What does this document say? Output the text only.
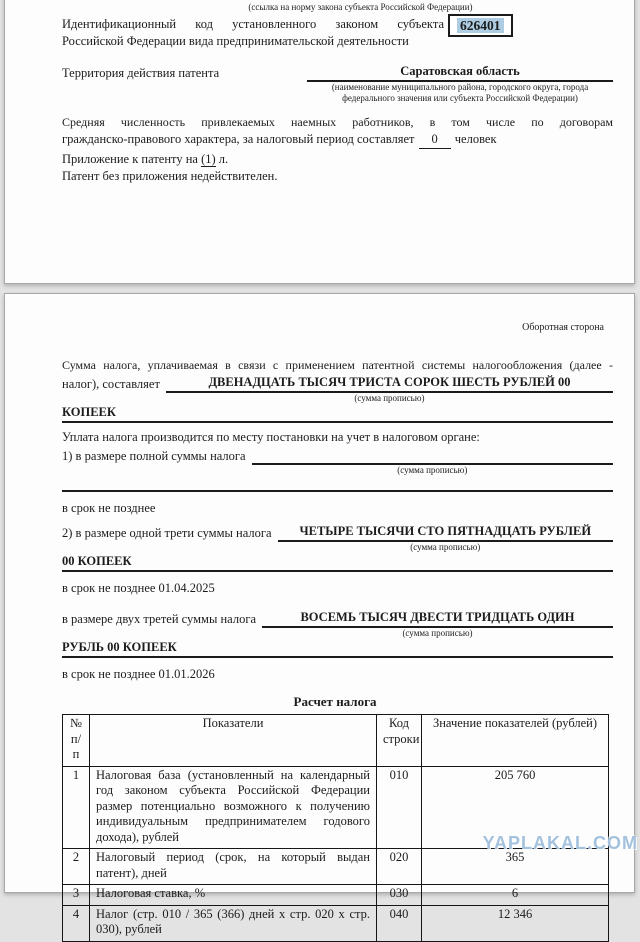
(ссылка на норму закона субъекта Российской Федерации)
Идентификационный код установленного законом субъекта
Российской Федерации вида предпринимательской деятельности
626401
Территория действия патента	Саратовская область
(наименование муниципального района, городского округа, города
федерального значения или субъекта Российской Федерации)
Средняя численность привлекаемых наемных работников, в том числе по договорам
гражданско-правового характера, за налоговый период составляет 0 человек
Приложение к патенту на (1) л.
Патент без приложения недействителен.
Оборотная сторона
Сумма налога, уплачиваемая в связи с применением патентной системы налогообложения (далее -
налог), составляет	ДВЕНАДЦАТЬ ТЫСЯЧ ТРИСТА СОРОК ШЕСТЬ РУБЛЕЙ 00
(сумма прописью)
КОПЕЕК
Уплата налога производится по месту постановки на учет в налоговом органе:
1) в размере полной суммы налога
(сумма прописью)
в срок не позднее
2) в размере одной трети суммы налога	ЧЕТЫРЕ ТЫСЯЧИ СТО ПЯТНАДЦАТЬ РУБЛЕЙ
(сумма прописью)
00 КОПЕЕК
в срок не позднее 01.04.2025
в размере двух третей суммы налога	ВОСЕМЬ ТЫСЯЧ ДВЕСТИ ТРИДЦАТЬ ОДИН
(сумма прописью)
РУБЛЬ 00 КОПЕЕК
в срок не позднее 01.01.2026
Расчет налога
№ п/п	Показатели	Код строки	Значение показателей (рублей)
1	Налоговая база (установленный на календарный год законом субъекта Российской Федерации размер потенциально возможного к получению индивидуальным предпринимателем годового дохода), рублей	010	205 760
2	Налоговый период (срок, на который выдан патент), дней	020	365
3	Налоговая ставка, %	030	6
4	Налог (стр. 010 / 365 (366) дней х стр. 020 х стр. 030), рублей	040	12 346
YAPLAKAL.COM
